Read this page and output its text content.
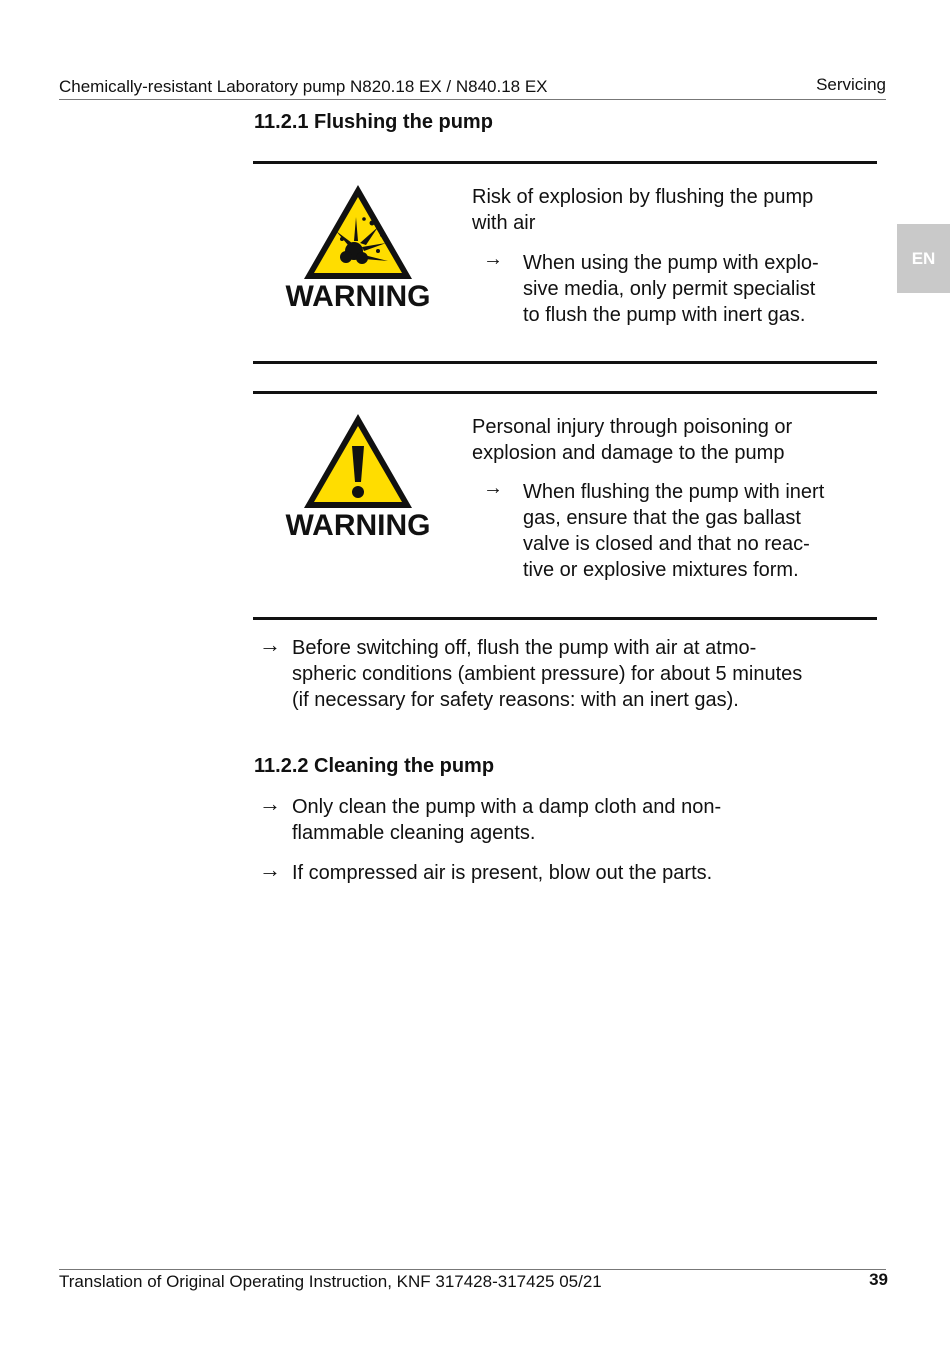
Chemically-resistant Laboratory pump N820.18 EX / N840.18 EX	Servicing
EN
11.2.1 Flushing the pump
WARNING
Risk of explosion by flushing the pump
with air
→ When using the pump with explo-
sive media, only permit specialist
to flush the pump with inert gas.
WARNING
Personal injury through poisoning or
explosion and damage to the pump
→ When flushing the pump with inert
gas, ensure that the gas ballast
valve is closed and that no reac-
tive or explosive mixtures form.
→ Before switching off, flush the pump with air at atmo-
spheric conditions (ambient pressure) for about 5 minutes
(if necessary for safety reasons: with an inert gas).
11.2.2 Cleaning the pump
→ Only clean the pump with a damp cloth and non-
flammable cleaning agents.
→ If compressed air is present, blow out the parts.
Translation of Original Operating Instruction, KNF 317428-317425 05/21	39
